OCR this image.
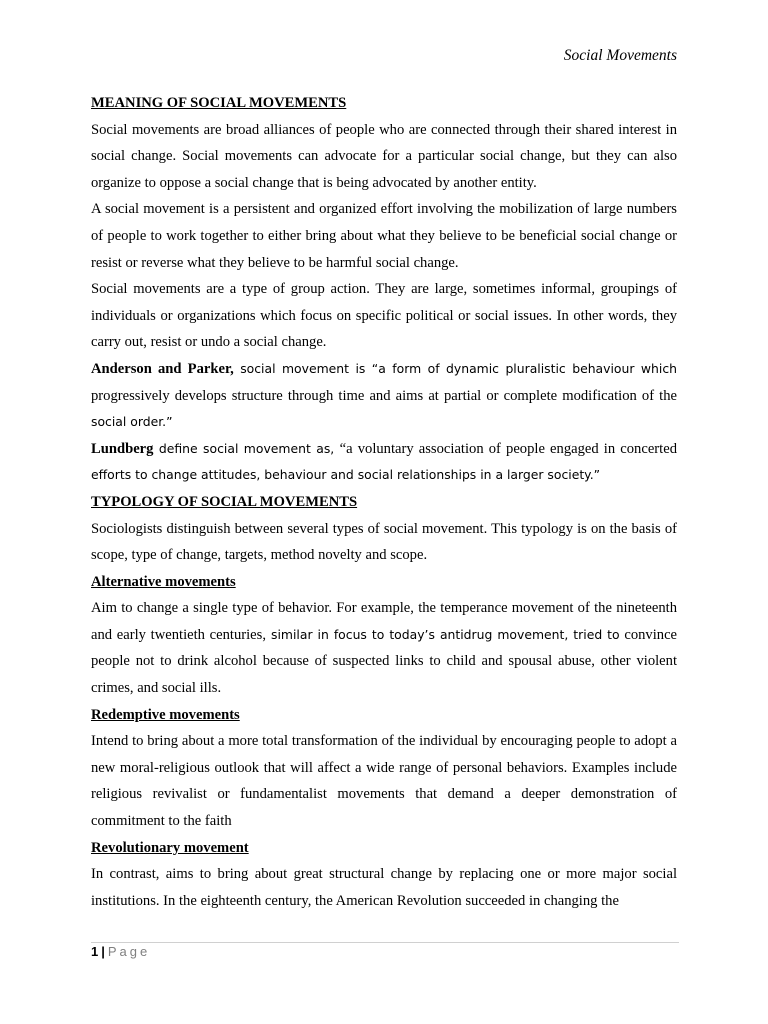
Social Movements

MEANING OF SOCIAL MOVEMENTS

Social movements are broad alliances of people who are connected through their shared interest in social change. Social movements can advocate for a particular social change, but they can also organize to oppose a social change that is being advocated by another entity.

A social movement is a persistent and organized effort involving the mobilization of large numbers of people to work together to either bring about what they believe to be beneficial social change or resist or reverse what they believe to be harmful social change.

Social movements are a type of group action. They are large, sometimes informal, groupings of individuals or organizations which focus on specific political or social issues. In other words, they carry out, resist or undo a social change.

Anderson and Parker, social movement is “a form of dynamic pluralistic behaviour which progressively develops structure through time and aims at partial or complete modification of the social order.”

Lundberg define social movement as, “a voluntary association of people engaged in concerted efforts to change attitudes, behaviour and social relationships in a larger society.”

TYPOLOGY OF SOCIAL MOVEMENTS

Sociologists distinguish between several types of social movement. This typology is on the basis of scope, type of change, targets, method novelty and scope.

Alternative movements

Aim to change a single type of behavior. For example, the temperance movement of the nineteenth and early twentieth centuries, similar in focus to today’s antidrug movement, tried to convince people not to drink alcohol because of suspected links to child and spousal abuse, other violent crimes, and social ills.

Redemptive movements

Intend to bring about a more total transformation of the individual by encouraging people to adopt a new moral-religious outlook that will affect a wide range of personal behaviors. Examples include religious revivalist or fundamentalist movements that demand a deeper demonstration of commitment to the faith

Revolutionary movement

In contrast, aims to bring about great structural change by replacing one or more major social institutions. In the eighteenth century, the American Revolution succeeded in changing the

1 | Page
